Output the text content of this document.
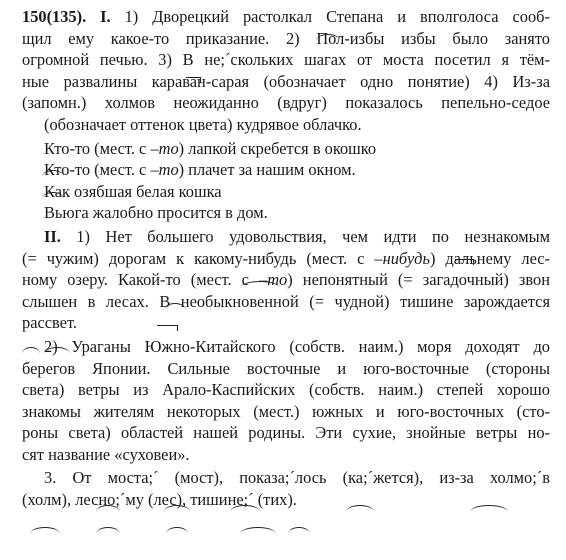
150(135). I. 1) Дворецкий растолкал Степана и вполголоса сооб-
щил ему какое-то приказание. 2) Пол-избы избы было занято
огромной печью. 3) В не;´скольких шагах от моста посетил я тём-
ные развалины караван-сарая (обозначает одно понятие) 4) Из-за
(запомн.) холмов неожиданно (вдруг) показалось пепельно-седое
(обозначает оттенок цвета) кудрявое облачко.
Кто-то (мест. с –то) лапкой скребется в окошко
Кто-то (мест. с –то) плачет за нашим окном.
Как озябшая белая кошка
Вьюга жалобно просится в дом.
II. 1) Нет большего удовольствия, чем идти по незнакомым
(= чужим) дорогам к какому-нибудь (мест. с –нибудь) дальнему лес-
ному озеру. Какой-то (мест. с –то) непонятный (= загадочный) звон
слышен в лесах. В необыкновенной (= чудной) тишине зарождается
рассвет.
2) Ураганы Южно-Китайского (собств. наим.) моря доходят до
берегов Японии. Сильные восточные и юго-восточные (стороны
света) ветры из Арало-Каспийских (собств. наим.) степей хорошо
знакомы жителям некоторых (мест.) южных и юго-восточных (сто-
роны света) областей нашей родины. Эти сухие, знойные ветры но-
сят название «суховеи».
3. От моста;´ (мост), показа;´лось (ка;´жется), из-за холмо;´в
(холм), лесно;´му (лес), тишине;´ (тих).
